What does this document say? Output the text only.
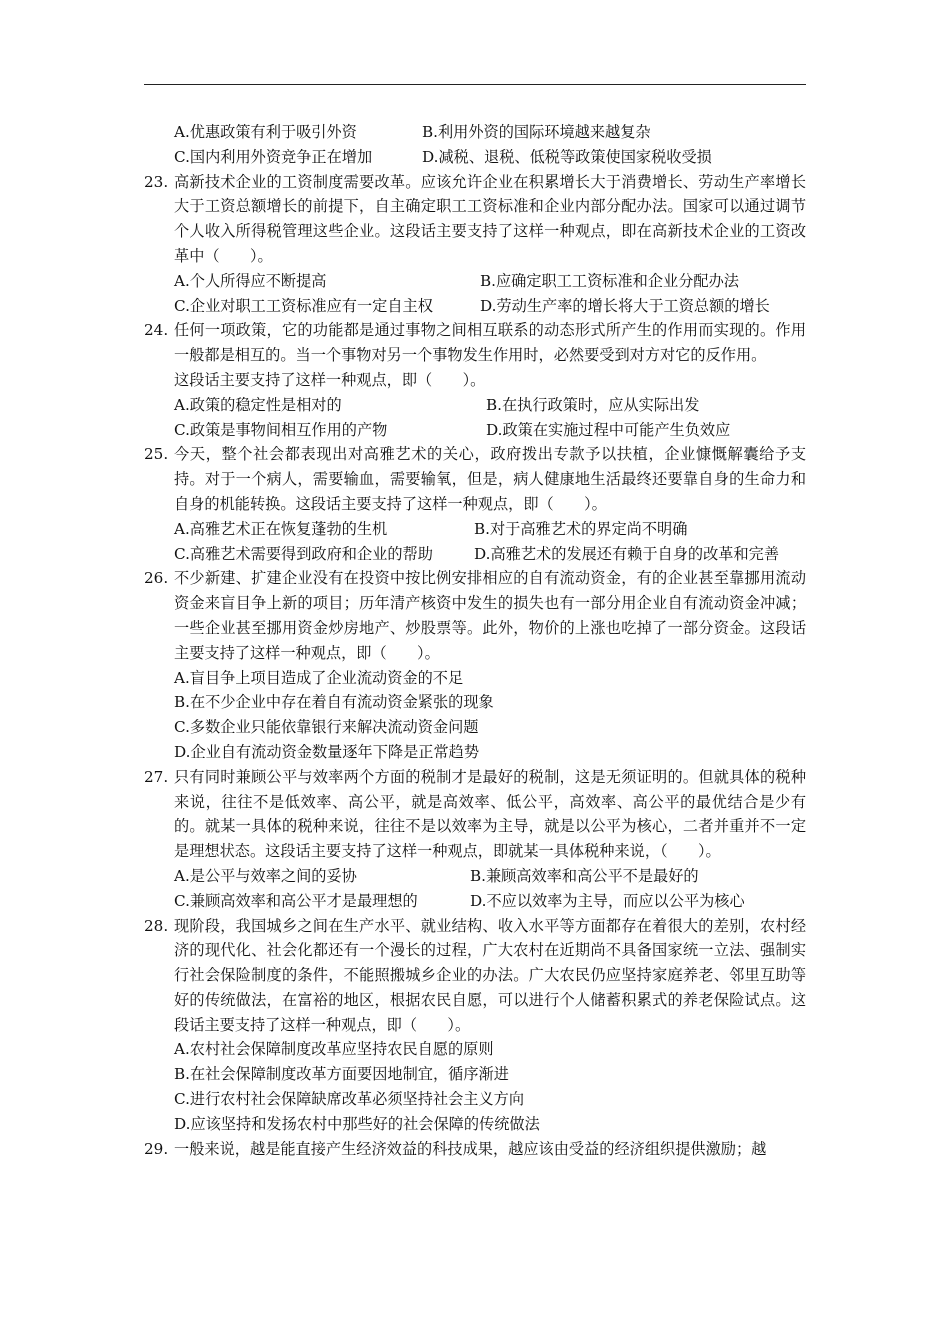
A.优惠政策有利于吸引外资	B.利用外资的国际环境越来越复杂
C.国内利用外资竞争正在增加	D.减税、退税、低税等政策使国家税收受损
23. 高新技术企业的工资制度需要改革。应该允许企业在积累增长大于消费增长、劳动生产率增长大于工资总额增长的前提下，自主确定职工工资标准和企业内部分配办法。国家可以通过调节个人收入所得税管理这些企业。这段话主要支持了这样一种观点，即在高新技术企业的工资改革中（　　）。
A.个人所得应不断提高	B.应确定职工工资标准和企业分配办法
C.企业对职工工资标准应有一定自主权	D.劳动生产率的增长将大于工资总额的增长
24. 任何一项政策，它的功能都是通过事物之间相互联系的动态形式所产生的作用而实现的。作用一般都是相互的。当一个事物对另一个事物发生作用时，必然要受到对方对它的反作用。
这段话主要支持了这样一种观点，即（　　）。
A.政策的稳定性是相对的	B.在执行政策时，应从实际出发
C.政策是事物间相互作用的产物	D.政策在实施过程中可能产生负效应
25. 今天，整个社会都表现出对高雅艺术的关心，政府拨出专款予以扶植，企业慷慨解囊给予支持。对于一个病人，需要输血，需要输氧，但是，病人健康地生活最终还要靠自身的生命力和自身的机能转换。这段话主要支持了这样一种观点，即（　　）。
A.高雅艺术正在恢复蓬勃的生机	B.对于高雅艺术的界定尚不明确
C.高雅艺术需要得到政府和企业的帮助	D.高雅艺术的发展还有赖于自身的改革和完善
26. 不少新建、扩建企业没有在投资中按比例安排相应的自有流动资金，有的企业甚至靠挪用流动资金来盲目争上新的项目；历年清产核资中发生的损失也有一部分用企业自有流动资金冲减；一些企业甚至挪用资金炒房地产、炒股票等。此外，物价的上涨也吃掉了一部分资金。这段话主要支持了这样一种观点，即（　　）。
A.盲目争上项目造成了企业流动资金的不足
B.在不少企业中存在着自有流动资金紧张的现象
C.多数企业只能依靠银行来解决流动资金问题
D.企业自有流动资金数量逐年下降是正常趋势
27. 只有同时兼顾公平与效率两个方面的税制才是最好的税制，这是无须证明的。但就具体的税种来说，往往不是低效率、高公平，就是高效率、低公平，高效率、高公平的最优结合是少有的。就某一具体的税种来说，往往不是以效率为主导，就是以公平为核心，二者并重并不一定是理想状态。这段话主要支持了这样一种观点，即就某一具体税种来说，（　　）。
A.是公平与效率之间的妥协	B.兼顾高效率和高公平不是最好的
C.兼顾高效率和高公平才是最理想的	D.不应以效率为主导，而应以公平为核心
28. 现阶段，我国城乡之间在生产水平、就业结构、收入水平等方面都存在着很大的差别，农村经济的现代化、社会化都还有一个漫长的过程，广大农村在近期尚不具备国家统一立法、强制实行社会保险制度的条件，不能照搬城乡企业的办法。广大农民仍应坚持家庭养老、邻里互助等好的传统做法，在富裕的地区，根据农民自愿，可以进行个人储蓄积累式的养老保险试点。这段话主要支持了这样一种观点，即（　　）。
A.农村社会保障制度改革应坚持农民自愿的原则
B.在社会保障制度改革方面要因地制宜，循序渐进
C.进行农村社会保障缺席改革必须坚持社会主义方向
D.应该坚持和发扬农村中那些好的社会保障的传统做法
29. 一般来说，越是能直接产生经济效益的科技成果，越应该由受益的经济组织提供激励；越
